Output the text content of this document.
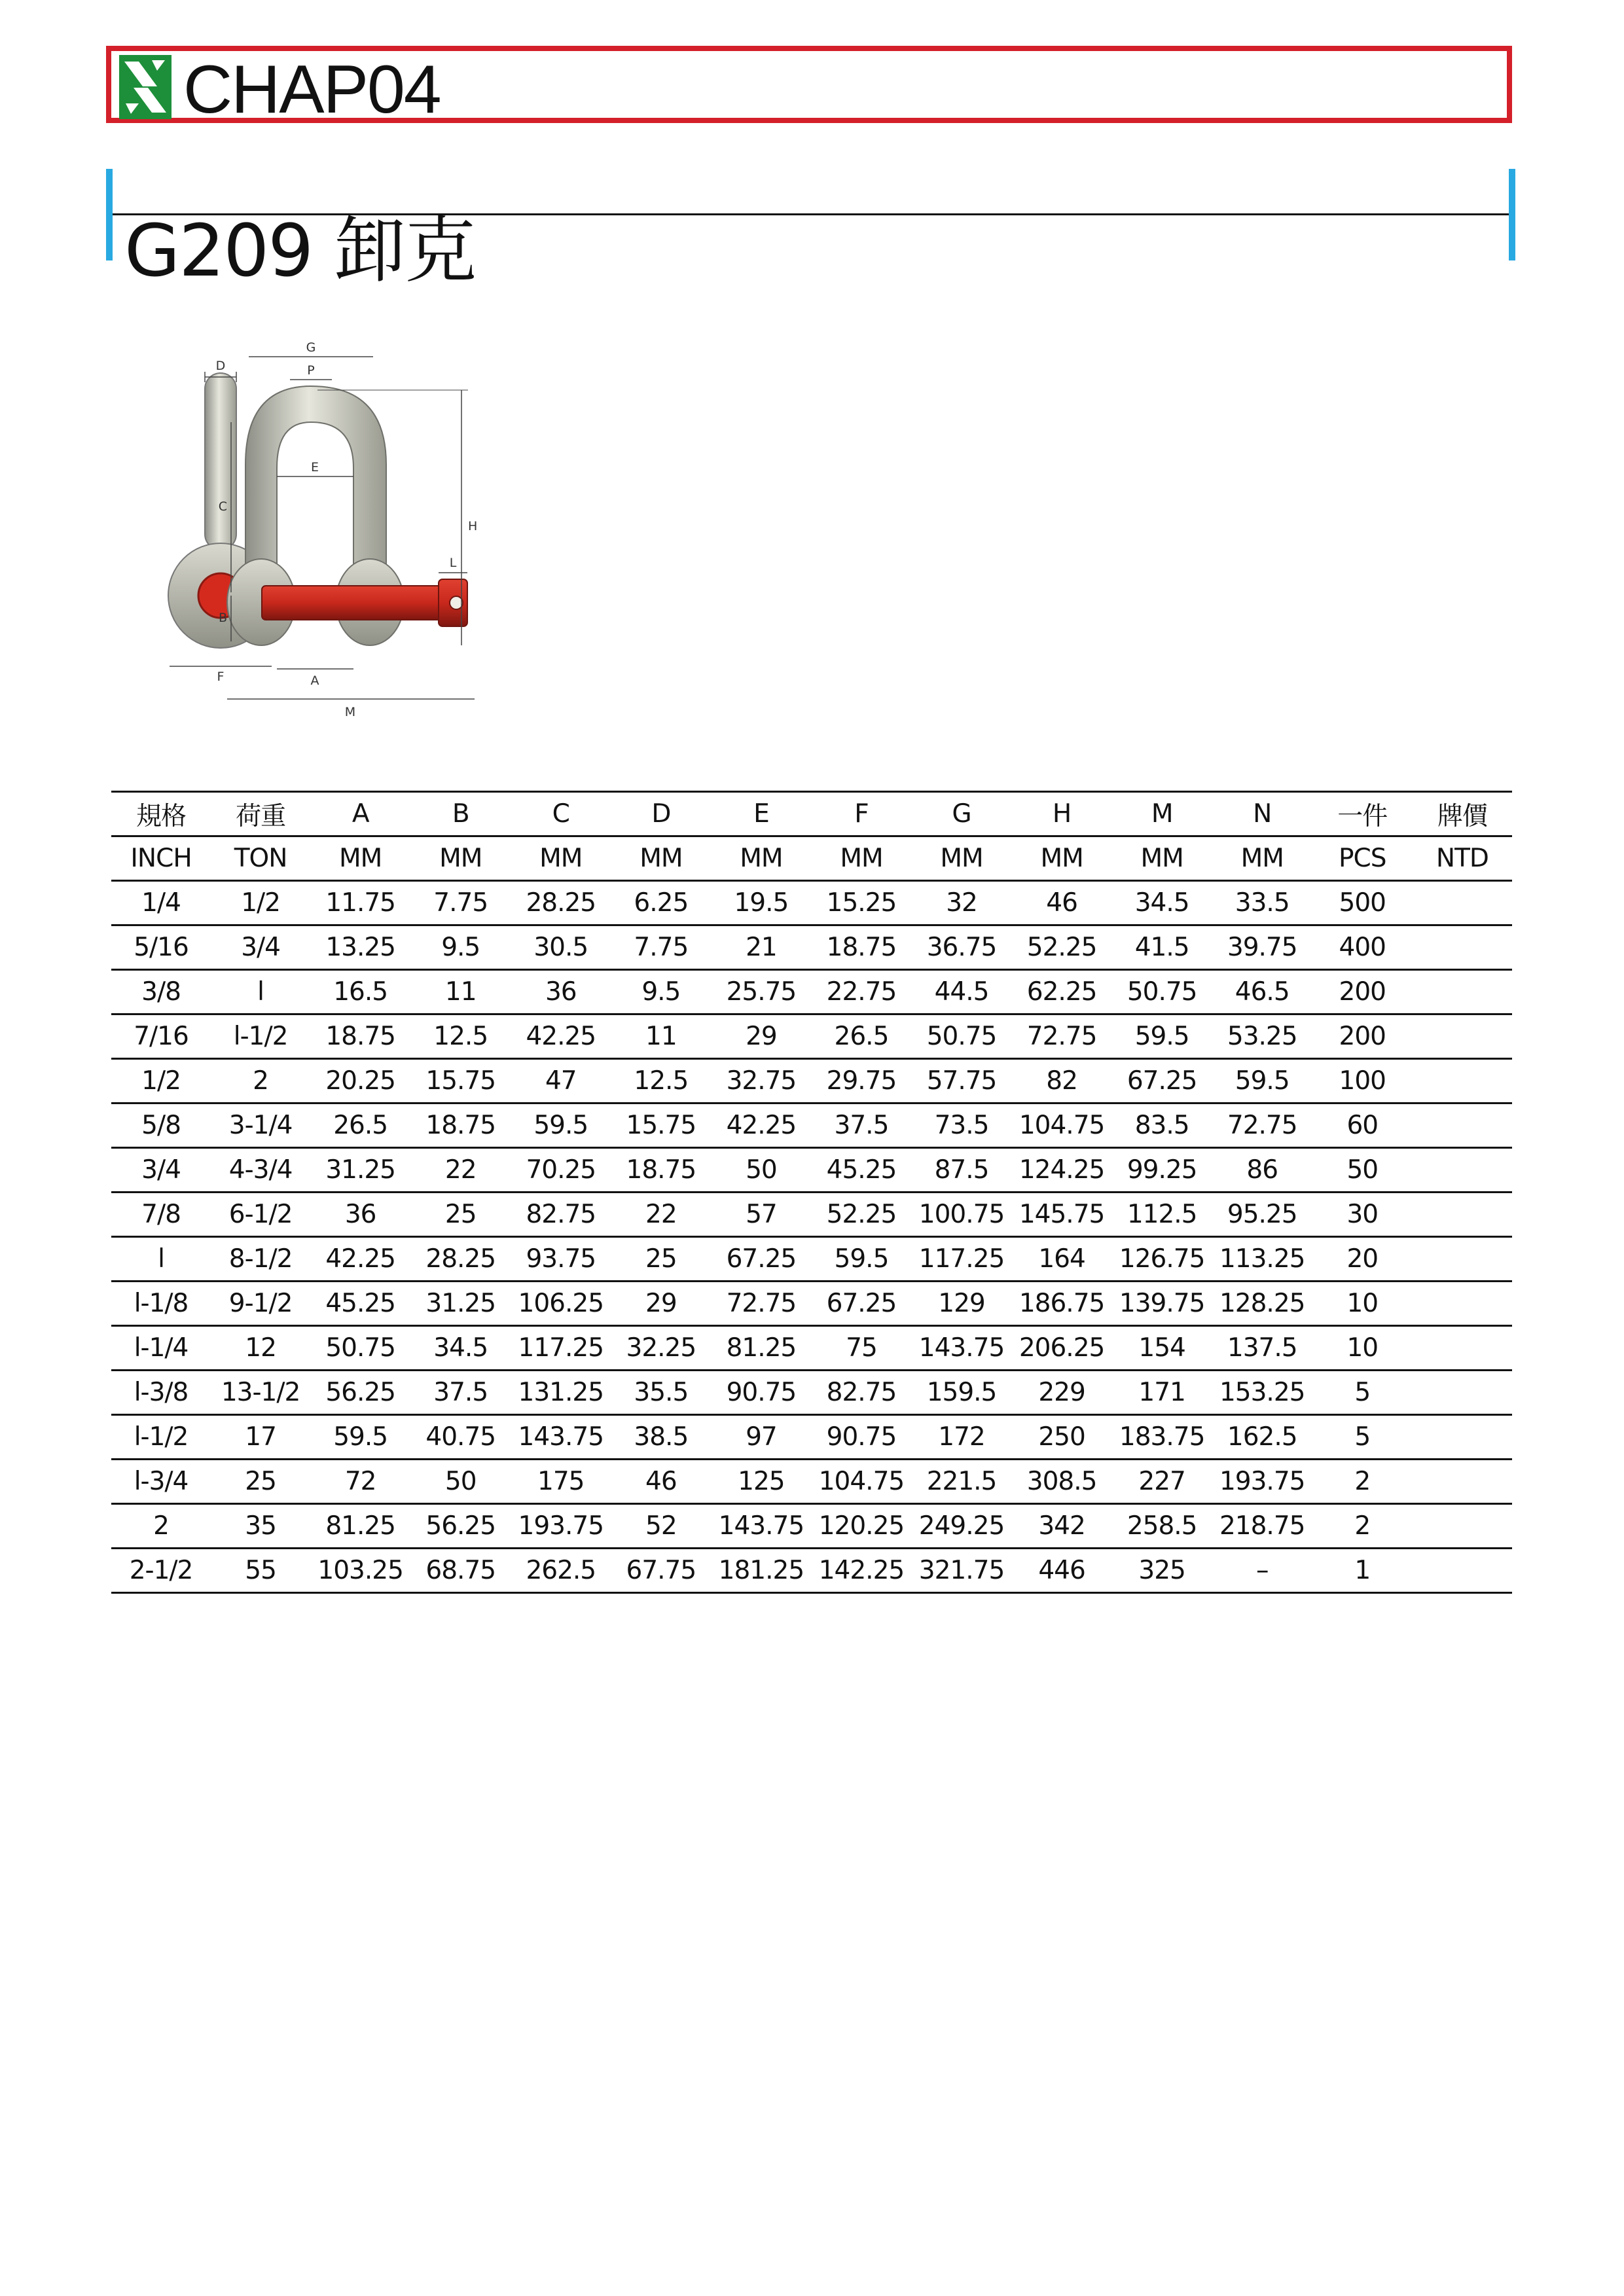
CHAP04
G209 卸克
D
F
G
P
E
C
B
A
H
L
M
規格	荷重	A	B	C	D	E	F	G	H	M	N	一件	牌價
INCH	TON	MM	MM	MM	MM	MM	MM	MM	MM	MM	MM	PCS	NTD
1/4	1/2	11.75	7.75	28.25	6.25	19.5	15.25	32	46	34.5	33.5	500	
5/16	3/4	13.25	9.5	30.5	7.75	21	18.75	36.75	52.25	41.5	39.75	400	
3/8	l	16.5	11	36	9.5	25.75	22.75	44.5	62.25	50.75	46.5	200	
7/16	l-1/2	18.75	12.5	42.25	11	29	26.5	50.75	72.75	59.5	53.25	200	
1/2	2	20.25	15.75	47	12.5	32.75	29.75	57.75	82	67.25	59.5	100	
5/8	3-1/4	26.5	18.75	59.5	15.75	42.25	37.5	73.5	104.75	83.5	72.75	60	
3/4	4-3/4	31.25	22	70.25	18.75	50	45.25	87.5	124.25	99.25	86	50	
7/8	6-1/2	36	25	82.75	22	57	52.25	100.75	145.75	112.5	95.25	30	
l	8-1/2	42.25	28.25	93.75	25	67.25	59.5	117.25	164	126.75	113.25	20	
l-1/8	9-1/2	45.25	31.25	106.25	29	72.75	67.25	129	186.75	139.75	128.25	10	
l-1/4	12	50.75	34.5	117.25	32.25	81.25	75	143.75	206.25	154	137.5	10	
l-3/8	13-1/2	56.25	37.5	131.25	35.5	90.75	82.75	159.5	229	171	153.25	5	
l-1/2	17	59.5	40.75	143.75	38.5	97	90.75	172	250	183.75	162.5	5	
l-3/4	25	72	50	175	46	125	104.75	221.5	308.5	227	193.75	2	
2	35	81.25	56.25	193.75	52	143.75	120.25	249.25	342	258.5	218.75	2	
2-1/2	55	103.25	68.75	262.5	67.75	181.25	142.25	321.75	446	325	–	1	
